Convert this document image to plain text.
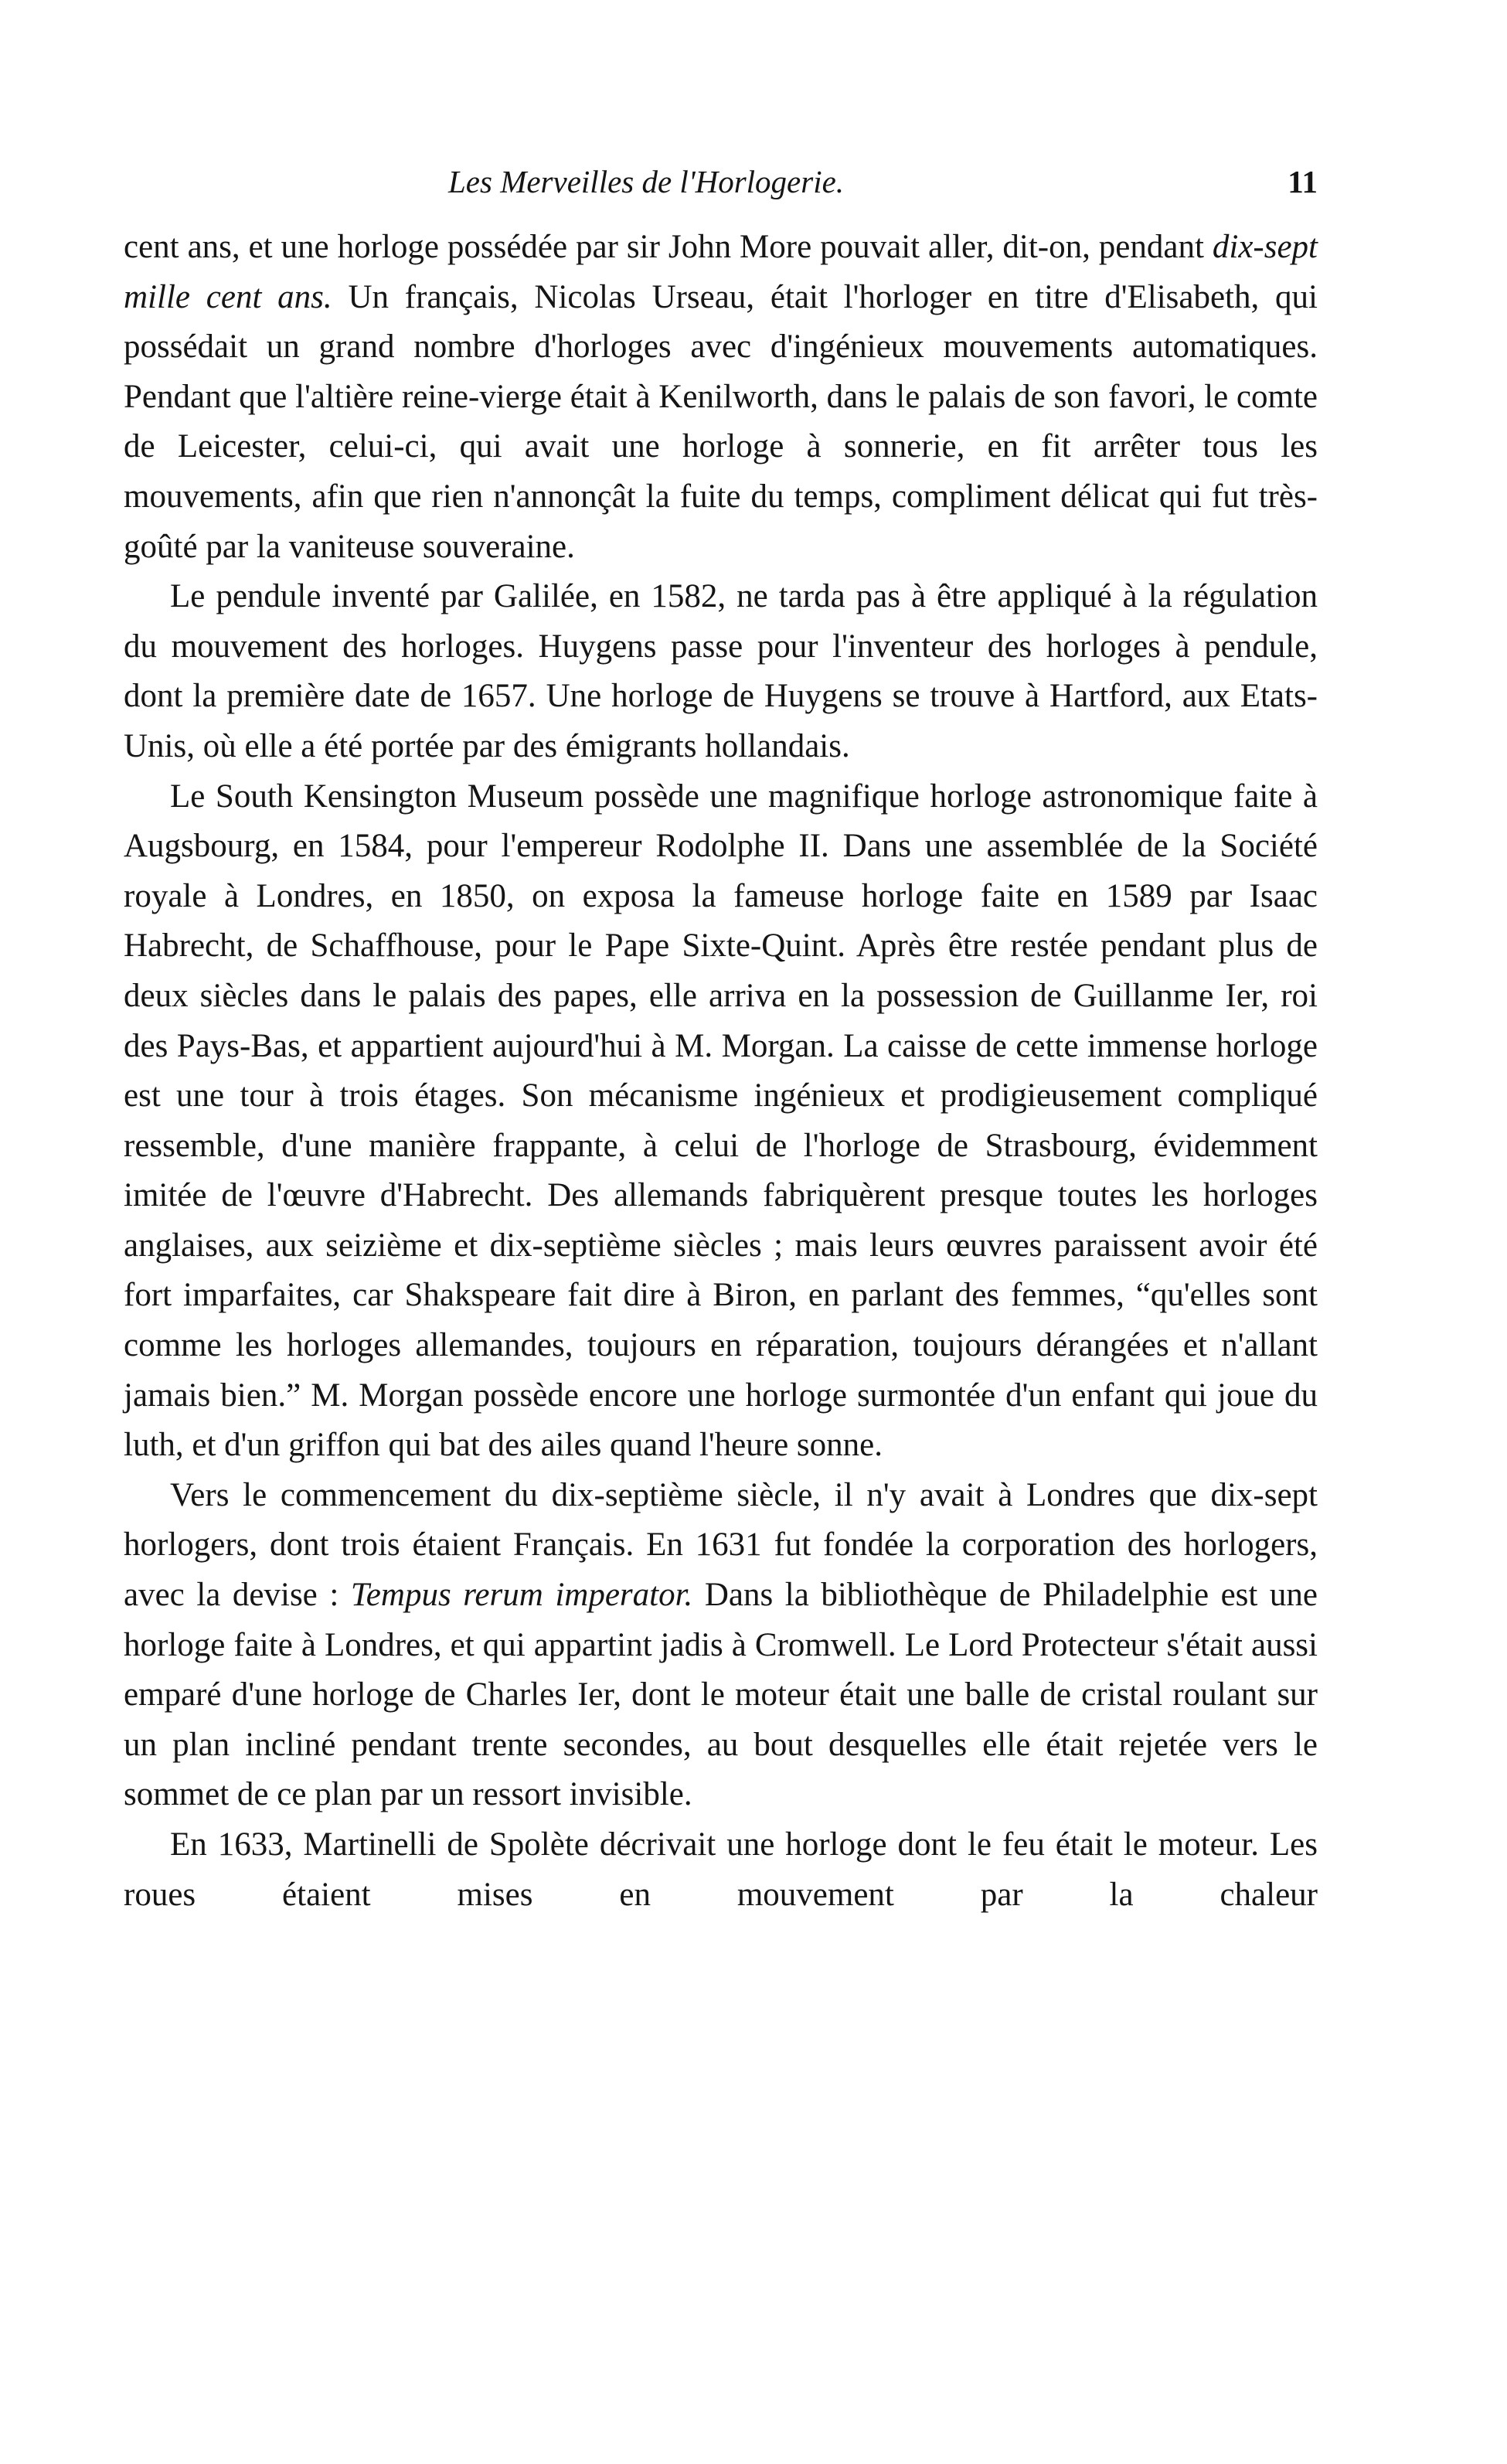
Les Merveilles de l'Horlogerie.	11

cent ans, et une horloge possédée par sir John More pouvait aller, dit-on, pendant dix-sept mille cent ans. Un français, Nicolas Urseau, était l'horloger en titre d'Elisabeth, qui possédait un grand nombre d'horloges avec d'ingénieux mouvements automatiques. Pendant que l'altière reine-vierge était à Kenilworth, dans le palais de son favori, le comte de Leicester, celui-ci, qui avait une horloge à sonnerie, en fit arrêter tous les mouvements, afin que rien n'annonçât la fuite du temps, compliment délicat qui fut très-goûté par la vaniteuse souveraine.

Le pendule inventé par Galilée, en 1582, ne tarda pas à être appliqué à la régulation du mouvement des horloges. Huygens passe pour l'inventeur des horloges à pendule, dont la première date de 1657. Une horloge de Huygens se trouve à Hartford, aux Etats-Unis, où elle a été portée par des émigrants hollandais.

Le South Kensington Museum possède une magnifique horloge astronomique faite à Augsbourg, en 1584, pour l'empereur Rodolphe II. Dans une assemblée de la Société royale à Londres, en 1850, on exposa la fameuse horloge faite en 1589 par Isaac Habrecht, de Schaffhouse, pour le Pape Sixte-Quint. Après être restée pendant plus de deux siècles dans le palais des papes, elle arriva en la possession de Guillanme Ier, roi des Pays-Bas, et appartient aujourd'hui à M. Morgan. La caisse de cette immense horloge est une tour à trois étages. Son mécanisme ingénieux et prodigieusement compliqué ressemble, d'une manière frappante, à celui de l'horloge de Strasbourg, évidemment imitée de l'œuvre d'Habrecht. Des allemands fabriquèrent presque toutes les horloges anglaises, aux seizième et dix-septième siècles ; mais leurs œuvres paraissent avoir été fort imparfaites, car Shakspeare fait dire à Biron, en parlant des femmes, “qu'elles sont comme les horloges allemandes, toujours en réparation, toujours dérangées et n'allant jamais bien.” M. Morgan possède encore une horloge surmontée d'un enfant qui joue du luth, et d'un griffon qui bat des ailes quand l'heure sonne.

Vers le commencement du dix-septième siècle, il n'y avait à Londres que dix-sept horlogers, dont trois étaient Français. En 1631 fut fondée la corporation des horlogers, avec la devise : Tempus rerum imperator. Dans la bibliothèque de Philadelphie est une horloge faite à Londres, et qui appartint jadis à Cromwell. Le Lord Protecteur s'était aussi emparé d'une horloge de Charles Ier, dont le moteur était une balle de cristal roulant sur un plan incliné pendant trente secondes, au bout desquelles elle était rejetée vers le sommet de ce plan par un ressort invisible.

En 1633, Martinelli de Spolète décrivait une horloge dont le feu était le moteur. Les roues étaient mises en mouvement par la chaleur
